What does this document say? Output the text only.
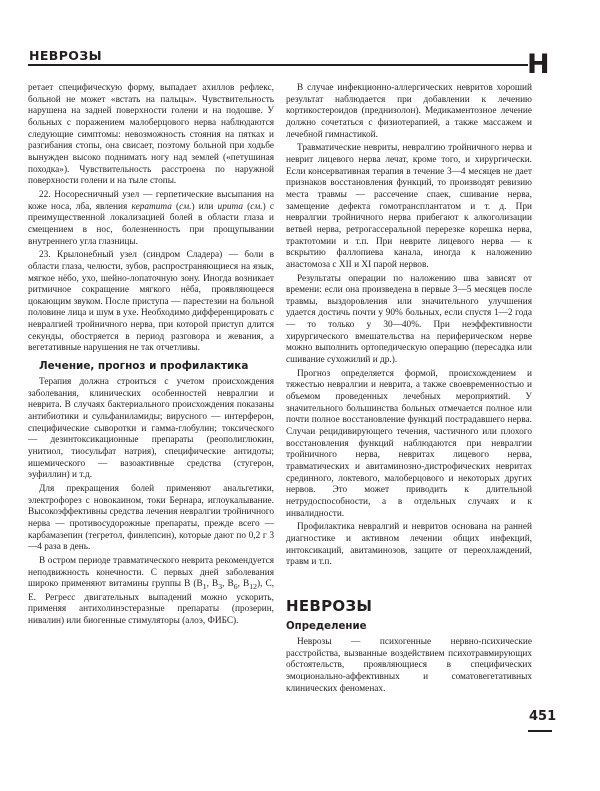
НЕВРОЗЫ	Н

ретает специфическую форму, выпадает ахиллов рефлекс, больной не может «встать на пальцы». Чувствительность нарушена на задней поверхности голени и на подошве. У больных с поражением малоберцового нерва наблюдаются следующие симптомы: невозможность стояния на пятках и разгибания стопы, она свисает, поэтому больной при ходьбе вынужден высоко поднимать ногу над землей («петушиная походка»). Чувствительность расстроена по наружной поверхности голени и на тыле стопы.

22. Носоресничный узел — герпетические высыпания на коже носа, лба, явления кератита (см.) или ирита (см.) с преимущественной локализацией болей в области глаза и смещением в нос, болезненность при прощупывании внутреннего угла глазницы.

23. Крылонебный узел (синдром Сладера) — боли в области глаза, челюсти, зубов, распространяющиеся на язык, мягкое нёбо, ухо, шейно-лопаточную зону. Иногда возникает ритмичное сокращение мягкого нёба, проявляющееся цокающим звуком. После приступа — парестезии на больной половине лица и шум в ухе. Необходимо дифференцировать с невралгией тройничного нерва, при которой приступ длится секунды, обостряется в период разговора и жевания, а вегетативные нарушения не так отчетливы.

Лечение, прогноз и профилактика

Терапия должна строиться с учетом происхождения заболевания, клинических особенностей невралгии и неврита. В случаях бактериального происхождения показаны антибиотики и сульфаниламиды; вирусного — интерферон, специфические сыворотки и гамма-глобулин; токсического — дезинтоксикационные препараты (реополиглюкин, унитиол, тиосульфат натрия), специфические антидоты; ишемического — вазоактивные средства (стугерон, эуфиллин) и т.д.

Для прекращения болей применяют анальгетики, электрофорез с новокаином, токи Бернара, иглоукалывание. Высокоэффективны средства лечения невралгии тройничного нерва — противосудорожные препараты, прежде всего — карбамазепин (тегретол, финлепсин), которые дают по 0,2 г 3—4 раза в день.

В остром периоде травматического неврита рекомендуется неподвижность конечности. С первых дней заболевания широко применяют витамины группы В ($В_1$, $В_3$, $В_6$, $В_{12}$), С, Е. Регресс двигательных выпадений можно ускорить, применяя антихолинэстеразные препараты (прозерин, нивалин) или биогенные стимуляторы (алоэ, ФИБС).

В случае инфекционно-аллергических невритов хороший результат наблюдается при добавлении к лечению кортикостероидов (преднизолон). Медикаментозное лечение должно сочетаться с физиотерапией, а также массажем и лечебной гимнастикой.

Травматические невриты, невралгию тройничного нерва и неврит лицевого нерва лечат, кроме того, и хирургически. Если консервативная терапия в течение 3—4 месяцев не дает признаков восстановления функций, то производят ревизию места травмы — рассечение спаек, сшивание нерва, замещение дефекта гомотрансплантатом и т. д. При невралгии тройничного нерва прибегают к алкоголизации ветвей нерва, ретрогассеральной перерезке корешка нерва, трактотомии и т.п. При неврите лицевого нерва — к вскрытию фаллопиева канала, иногда к наложению анастомоза с XII и XI парой нервов.

Результаты операции по наложению шва зависят от времени: если она произведена в первые 3—5 месяцев после травмы, выздоровления или значительного улучшения удается достичь почти у 90% больных, если спустя 1—2 года — то только у 30—40%. При неэффективности хирургического вмешательства на периферическом нерве можно выполнить ортопедическую операцию (пересадка или сшивание сухожилий и др.).

Прогноз определяется формой, происхождением и тяжестью невралгии и неврита, а также своевременностью и объемом проведенных лечебных мероприятий. У значительного большинства больных отмечается полное или почти полное восстановление функций пострадавшего нерва. Случаи рецидивирующего течения, частичного или плохого восстановления функций наблюдаются при невралгии тройничного нерва, невритах лицевого нерва, травматических и авитаминозно-дистрофических невритах срединного, локтевого, малоберцового и некоторых других нервов. Это может приводить к длительной нетрудоспособности, а в отдельных случаях и к инвалидности.

Профилактика невралгий и невритов основана на ранней диагностике и активном лечении общих инфекций, интоксикаций, авитаминозов, защите от переохлаждений, травм и т.п.

НЕВРОЗЫ
Определение

Неврозы — психогенные нервно-психические расстройства, вызванные воздействием психотравмирующих обстоятельств, проявляющиеся в специфических эмоционально-аффективных и соматовегетативных клинических феноменах.

451
